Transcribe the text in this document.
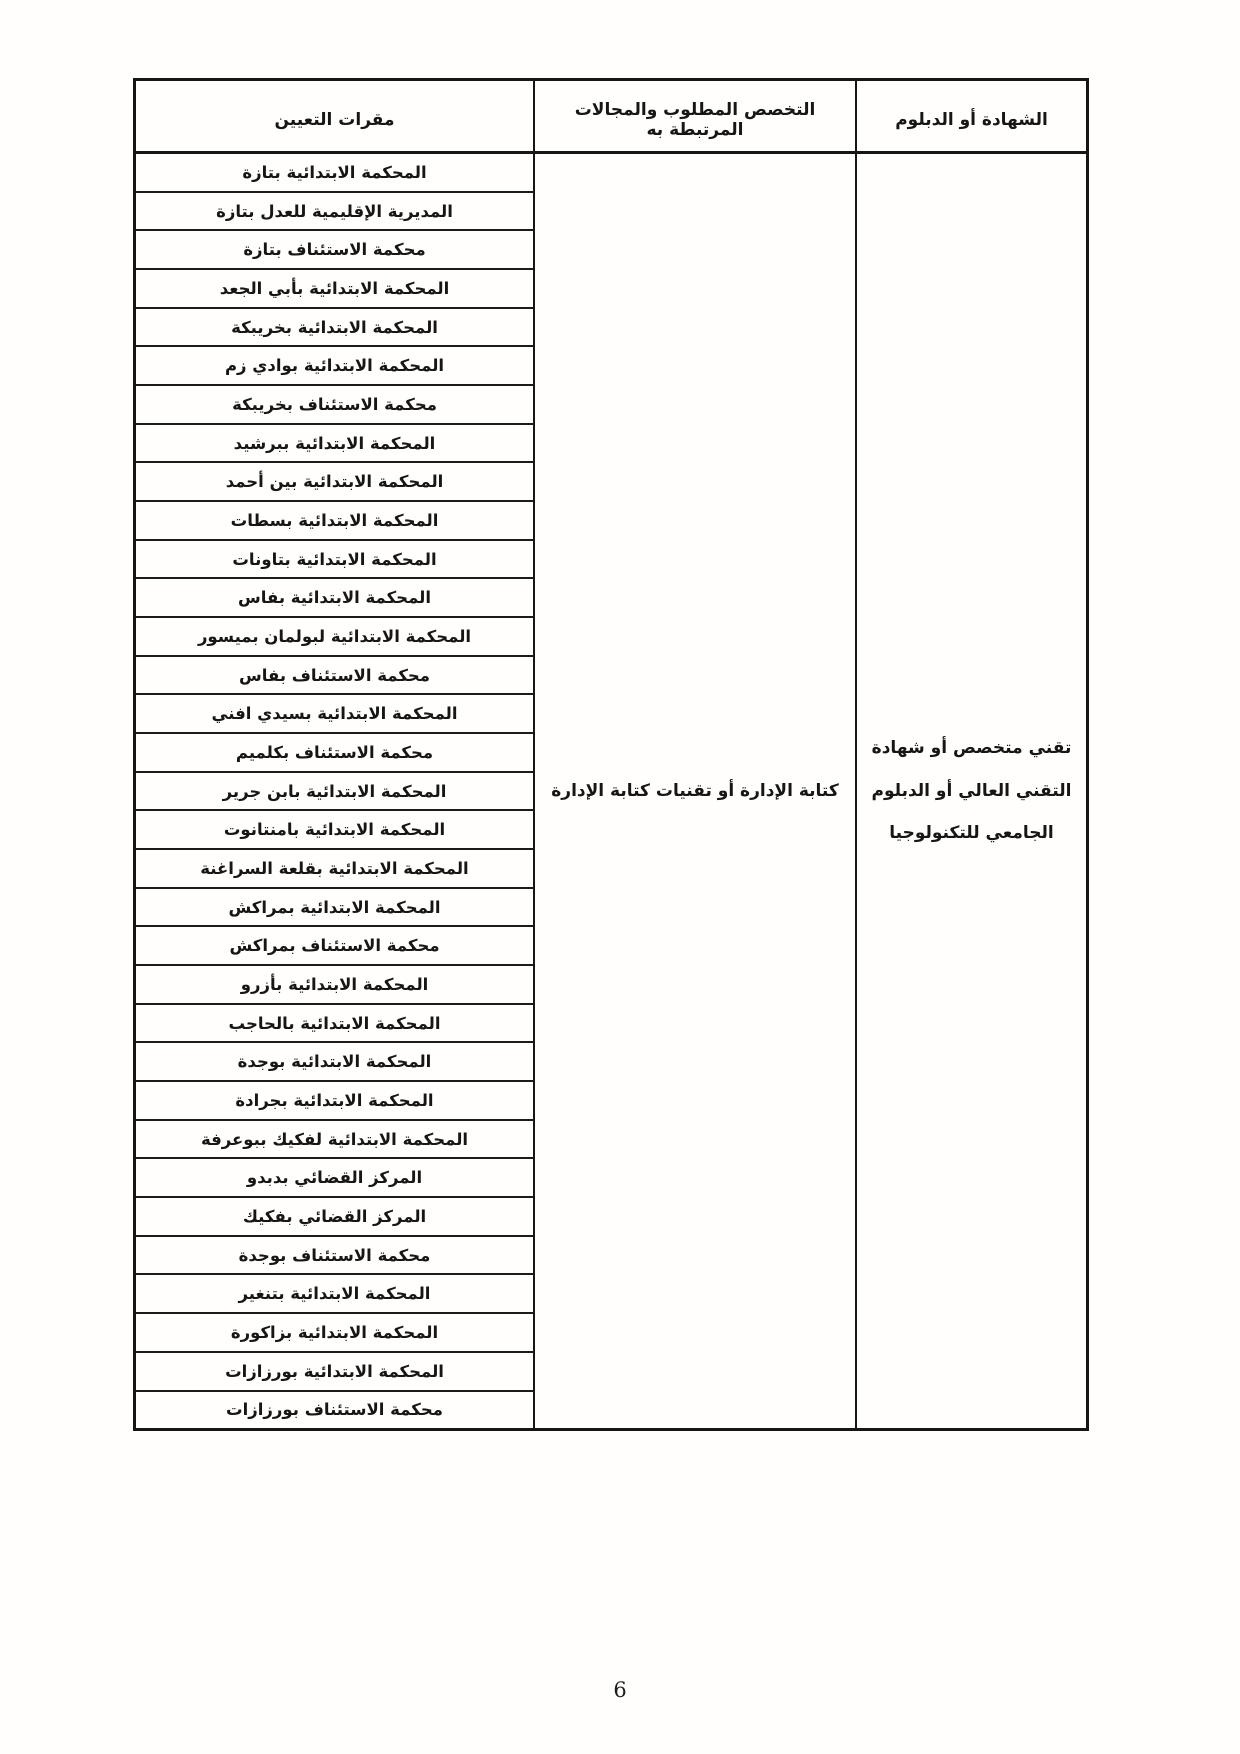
الشهادة أو الدبلوم
التخصص المطلوب والمجالات المرتبطة به
مقرات التعيين
تقني متخصص أو شهادة التقني العالي أو الدبلوم الجامعي للتكنولوجيا
كتابة الإدارة أو تقنيات كتابة الإدارة
المحكمة الابتدائية بتازة
المديرية الإقليمية للعدل بتازة
محكمة الاستئناف بتازة
المحكمة الابتدائية بأبي الجعد
المحكمة الابتدائية بخريبكة
المحكمة الابتدائية بوادي زم
محكمة الاستئناف بخريبكة
المحكمة الابتدائية ببرشيد
المحكمة الابتدائية بين أحمد
المحكمة الابتدائية بسطات
المحكمة الابتدائية بتاونات
المحكمة الابتدائية بفاس
المحكمة الابتدائية لبولمان بميسور
محكمة الاستئناف بفاس
المحكمة الابتدائية بسيدي افني
محكمة الاستئناف بكلميم
المحكمة الابتدائية بابن جرير
المحكمة الابتدائية بامنتانوت
المحكمة الابتدائية بقلعة السراغنة
المحكمة الابتدائية بمراكش
محكمة الاستئناف بمراكش
المحكمة الابتدائية بأزرو
المحكمة الابتدائية بالحاجب
المحكمة الابتدائية بوجدة
المحكمة الابتدائية بجرادة
المحكمة الابتدائية لفكيك ببوعرفة
المركز القضائي بدبدو
المركز القضائي بفكيك
محكمة الاستئناف بوجدة
المحكمة الابتدائية بتنغير
المحكمة الابتدائية بزاكورة
المحكمة الابتدائية بورزازات
محكمة الاستئناف بورزازات
6
